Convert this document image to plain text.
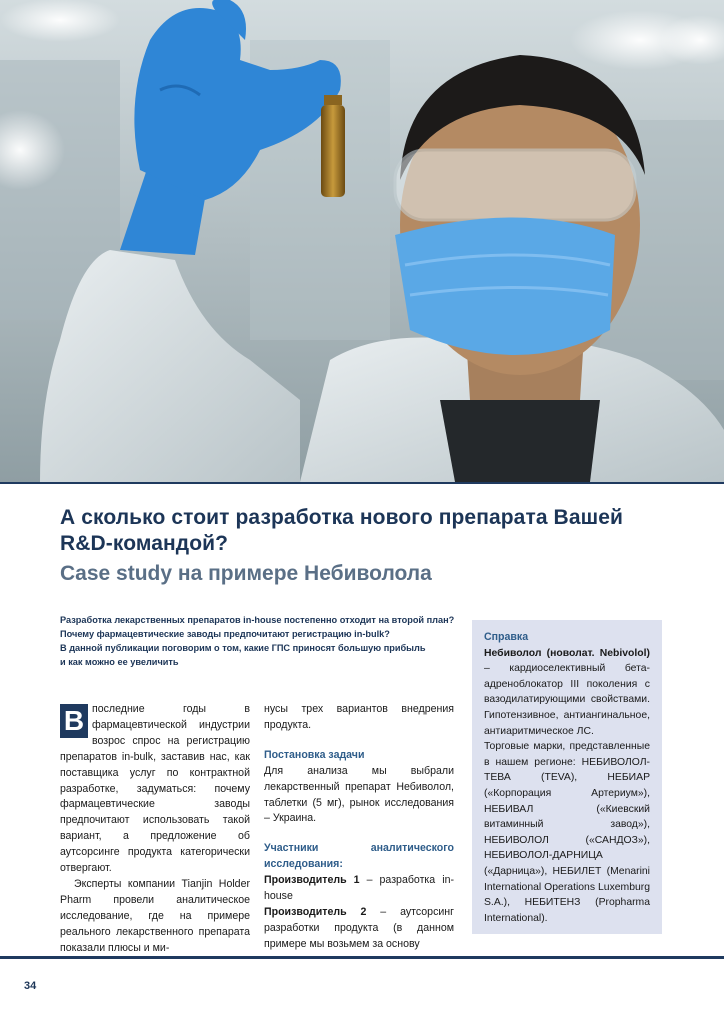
А сколько стоит разработка нового препарата Вашей R&D-командой?
Case study на примере Небиволола
Разработка лекарственных препаратов in-house постепенно отходит на второй план?
Почему фармацевтические заводы предпочитают регистрацию in-bulk?
В данной публикации поговорим о том, какие ГПС приносят большую прибыль
и как можно ее увеличить

В последние годы в фармацевтической индустрии возрос спрос на регистрацию препаратов in-bulk, заставив нас, как поставщика услуг по контрактной разработке, задуматься: почему фармацевтические заводы предпочитают использовать такой вариант, а предложение об аутсорсинге продукта категорически отвергают.

Эксперты компании Tianjin Holder Pharm провели аналитическое исследование, где на примере реального лекарственного препарата показали плюсы и ми-

нусы трех вариантов внедрения продукта.

Постановка задачи

Для анализа мы выбрали лекарственный препарат Небиволол, таблетки (5 мг), рынок исследования – Украина.

Участники аналитического исследования:

Производитель 1 – разработка in-house

Производитель 2 – аутсорсинг разработки продукта (в данном примере мы возьмем за основу

Справка

Небиволол (новолат. Nebivolol) – кардиоселективный бета-адреноблокатор III поколения с вазодилатирующими свойствами. Гипотензивное, антиангинальное, антиаритмическое ЛС.

Торговые марки, представленные в нашем регионе: НЕБИВОЛОЛ-ТЕВА (TEVA), НЕБИАР («Корпорация Артериум»), НЕБИВАЛ («Киевский витаминный завод»), НЕБИВОЛОЛ («САНДОЗ»), НЕБИВОЛОЛ-ДАРНИЦА («Дарница»), НЕБИЛЕТ (Menarini International Operations Luxemburg S.A.), НЕБИТЕНЗ (Propharma International).

34
